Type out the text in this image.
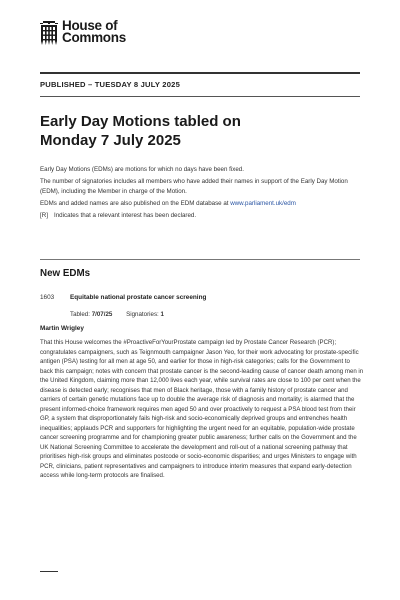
House of
Commons
PUBLISHED – TUESDAY 8 JULY 2025
Early Day Motions tabled on
Monday 7 July 2025

Early Day Motions (EDMs) are motions for which no days have been fixed.

The number of signatories includes all members who have added their names in support of the Early Day Motion (EDM), including the Member in charge of the Motion.

EDMs and added names are also published on the EDM database at www.parliament.uk/edm

[R] Indicates that a relevant interest has been declared.

New EDMs
1603 Equitable national prostate cancer screening
Tabled: 7/07/25 Signatories: 1
Martin Wrigley

That this House welcomes the #ProactiveForYourProstate campaign led by Prostate Cancer Research (PCR); congratulates campaigners, such as Teignmouth campaigner Jason Yeo, for their work advocating for prostate-specific antigen (PSA) testing for all men at age 50, and earlier for those in high-risk categories; calls for the Government to back this campaign; notes with concern that prostate cancer is the second-leading cause of cancer death among men in the United Kingdom, claiming more than 12,000 lives each year, while survival rates are close to 100 per cent when the disease is detected early; recognises that men of Black heritage, those with a family history of prostate cancer and carriers of certain genetic mutations face up to double the average risk of diagnosis and mortality; is alarmed that the present informed-choice framework requires men aged 50 and over proactively to request a PSA blood test from their GP, a system that disproportionately fails high-risk and socio-economically deprived groups and entrenches health inequalities; applauds PCR and supporters for highlighting the urgent need for an equitable, population-wide prostate cancer screening programme and for championing greater public awareness; further calls on the Government and the UK National Screening Committee to accelerate the development and roll-out of a national screening pathway that prioritises high-risk groups and eliminates postcode or socio-economic disparities; and urges Ministers to engage with PCR, clinicians, patient representatives and campaigners to introduce interim measures that expand early-detection access while long-term protocols are finalised.
